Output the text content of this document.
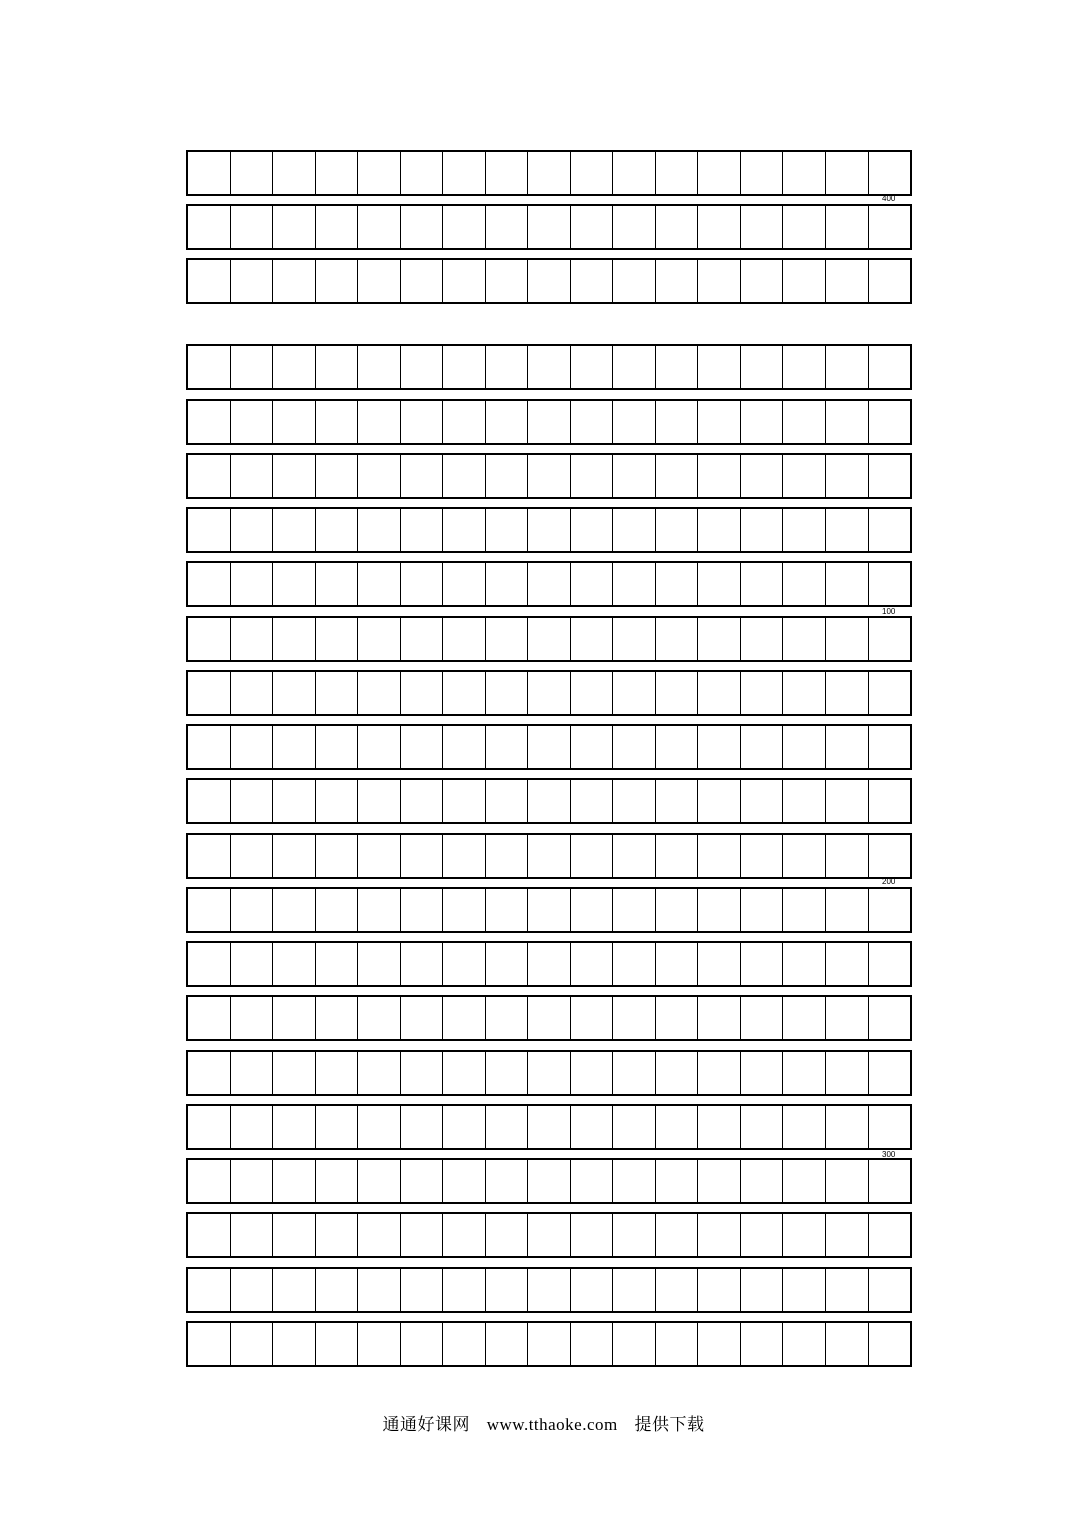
400
100
200
300
通通好课网 www.tthaoke.com 提供下载
